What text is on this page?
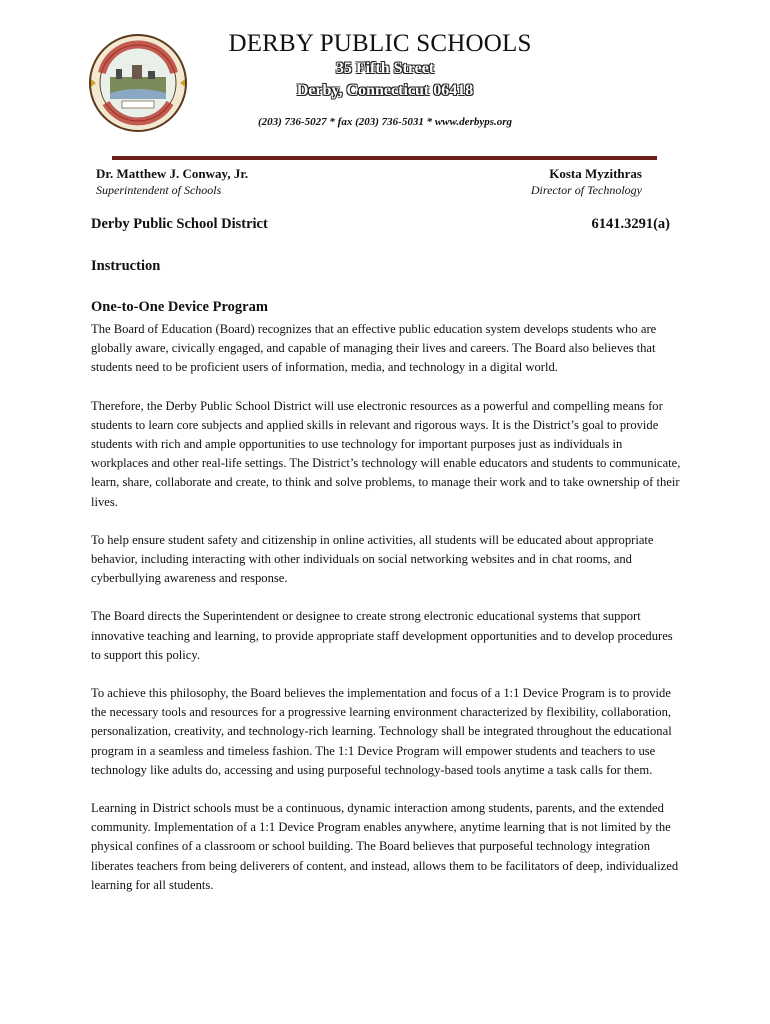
DERBY PUBLIC SCHOOLS
35 Fifth Street
Derby, Connecticut 06418
(203) 736-5027 * fax (203) 736-5031 * www.derbyps.org
Dr. Matthew J. Conway, Jr.
Superintendent of Schools
Kosta Myzithras
Director of Technology
Derby Public School District	6141.3291(a)
Instruction
One-to-One Device Program

The Board of Education (Board) recognizes that an effective public education system develops students who are globally aware, civically engaged, and capable of managing their lives and careers. The Board also believes that students need to be proficient users of information, media, and technology in a digital world.

Therefore, the Derby Public School District will use electronic resources as a powerful and compelling means for students to learn core subjects and applied skills in relevant and rigorous ways. It is the District’s goal to provide students with rich and ample opportunities to use technology for important purposes just as individuals in workplaces and other real-life settings. The District’s technology will enable educators and students to communicate, learn, share, collaborate and create, to think and solve problems, to manage their work and to take ownership of their lives.

To help ensure student safety and citizenship in online activities, all students will be educated about appropriate behavior, including interacting with other individuals on social networking websites and in chat rooms, and cyberbullying awareness and response.

The Board directs the Superintendent or designee to create strong electronic educational systems that support innovative teaching and learning, to provide appropriate staff development opportunities and to develop procedures to support this policy.

To achieve this philosophy, the Board believes the implementation and focus of a 1:1 Device Program is to provide the necessary tools and resources for a progressive learning environment characterized by flexibility, collaboration, personalization, creativity, and technology-rich learning. Technology shall be integrated throughout the educational program in a seamless and timeless fashion. The 1:1 Device Program will empower students and teachers to use technology like adults do, accessing and using purposeful technology-based tools anytime a task calls for them.

Learning in District schools must be a continuous, dynamic interaction among students, parents, and the extended community. Implementation of a 1:1 Device Program enables anywhere, anytime learning that is not limited by the physical confines of a classroom or school building. The Board believes that purposeful technology integration liberates teachers from being deliverers of content, and instead, allows them to be facilitators of deep, individualized learning for all students.
